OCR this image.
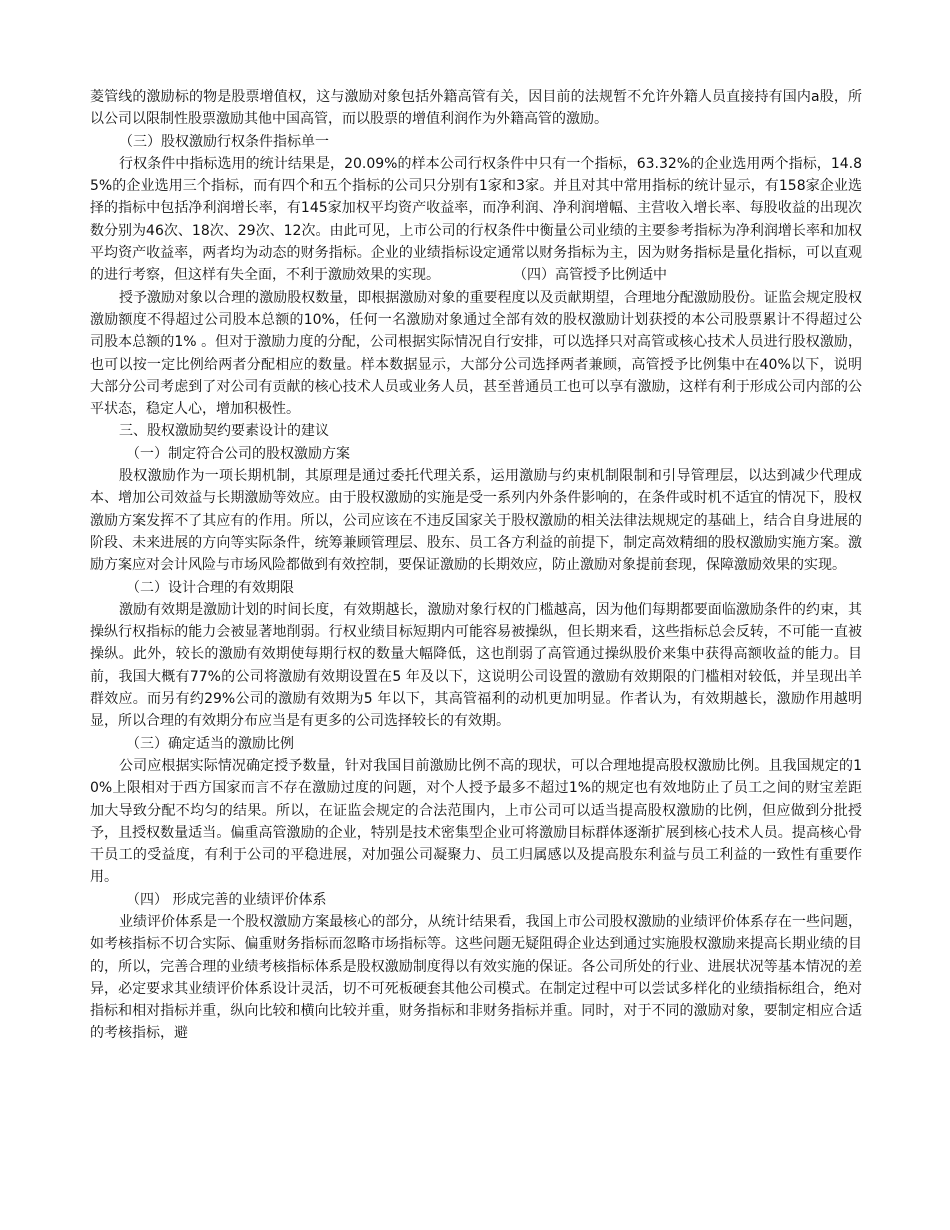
菱管线的激励标的物是股票增值权，这与激励对象包括外籍高管有关，因目前的法规暂不允许外籍人员直接持有国内a股，所以公司以限制性股票激励其他中国高管，而以股票的增值利润作为外籍高管的激励。

（三）股权激励行权条件指标单一

行权条件中指标选用的统计结果是，20.09%的样本公司行权条件中只有一个指标，63.32%的企业选用两个指标，14.85%的企业选用三个指标，而有四个和五个指标的公司只分别有1家和3家。并且对其中常用指标的统计显示，有158家企业选择的指标中包括净利润增长率，有145家加权平均资产收益率，而净利润、净利润增幅、主营收入增长率、每股收益的出现次数分别为46次、18次、29次、12次。由此可见，上市公司的行权条件中衡量公司业绩的主要参考指标为净利润增长率和加权平均资产收益率，两者均为动态的财务指标。企业的业绩指标设定通常以财务指标为主，因为财务指标是量化指标，可以直观的进行考察，但这样有失全面，不利于激励效果的实现。	（四）高管授予比例适中

授予激励对象以合理的激励股权数量，即根据激励对象的重要程度以及贡献期望，合理地分配激励股份。证监会规定股权激励额度不得超过公司股本总额的10%，任何一名激励对象通过全部有效的股权激励计划获授的本公司股票累计不得超过公司股本总额的1% 。但对于激励力度的分配，公司根据实际情况自行安排，可以选择只对高管或核心技术人员进行股权激励，也可以按一定比例给两者分配相应的数量。样本数据显示，大部分公司选择两者兼顾，高管授予比例集中在40%以下，说明大部分公司考虑到了对公司有贡献的核心技术人员或业务人员，甚至普通员工也可以享有激励，这样有利于形成公司内部的公平状态，稳定人心，增加积极性。

三、股权激励契约要素设计的建议

（一）制定符合公司的股权激励方案

股权激励作为一项长期机制，其原理是通过委托代理关系，运用激励与约束机制限制和引导管理层，以达到减少代理成本、增加公司效益与长期激励等效应。由于股权激励的实施是受一系列内外条件影响的，在条件或时机不适宜的情况下，股权激励方案发挥不了其应有的作用。所以，公司应该在不违反国家关于股权激励的相关法律法规规定的基础上，结合自身进展的阶段、未来进展的方向等实际条件，统筹兼顾管理层、股东、员工各方利益的前提下，制定高效精细的股权激励实施方案。激励方案应对会计风险与市场风险都做到有效控制，要保证激励的长期效应，防止激励对象提前套现，保障激励效果的实现。

（二）设计合理的有效期限

激励有效期是激励计划的时间长度，有效期越长，激励对象行权的门槛越高，因为他们每期都要面临激励条件的约束，其操纵行权指标的能力会被显著地削弱。行权业绩目标短期内可能容易被操纵，但长期来看，这些指标总会反转，不可能一直被操纵。此外，较长的激励有效期使每期行权的数量大幅降低，这也削弱了高管通过操纵股价来集中获得高额收益的能力。目前，我国大概有77%的公司将激励有效期设置在5 年及以下，这说明公司设置的激励有效期限的门槛相对较低，并呈现出羊群效应。而另有约29%公司的激励有效期为5 年以下，其高管福利的动机更加明显。作者认为，有效期越长，激励作用越明显，所以合理的有效期分布应当是有更多的公司选择较长的有效期。

（三）确定适当的激励比例

公司应根据实际情况确定授予数量，针对我国目前激励比例不高的现状，可以合理地提高股权激励比例。且我国规定的10%上限相对于西方国家而言不存在激励过度的问题，对个人授予最多不超过1%的规定也有效地防止了员工之间的财宝差距加大导致分配不均匀的结果。所以，在证监会规定的合法范围内，上市公司可以适当提高股权激励的比例，但应做到分批授予，且授权数量适当。偏重高管激励的企业，特别是技术密集型企业可将激励目标群体逐渐扩展到核心技术人员。提高核心骨干员工的受益度，有利于公司的平稳进展，对加强公司凝聚力、员工归属感以及提高股东利益与员工利益的一致性有重要作用。

（四） 形成完善的业绩评价体系

业绩评价体系是一个股权激励方案最核心的部分，从统计结果看，我国上市公司股权激励的业绩评价体系存在一些问题，如考核指标不切合实际、偏重财务指标而忽略市场指标等。这些问题无疑阻碍企业达到通过实施股权激励来提高长期业绩的目的，所以，完善合理的业绩考核指标体系是股权激励制度得以有效实施的保证。各公司所处的行业、进展状况等基本情况的差异，必定要求其业绩评价体系设计灵活，切不可死板硬套其他公司模式。在制定过程中可以尝试多样化的业绩指标组合，绝对指标和相对指标并重，纵向比较和横向比较并重，财务指标和非财务指标并重。同时，对于不同的激励对象，要制定相应合适的考核指标，避
